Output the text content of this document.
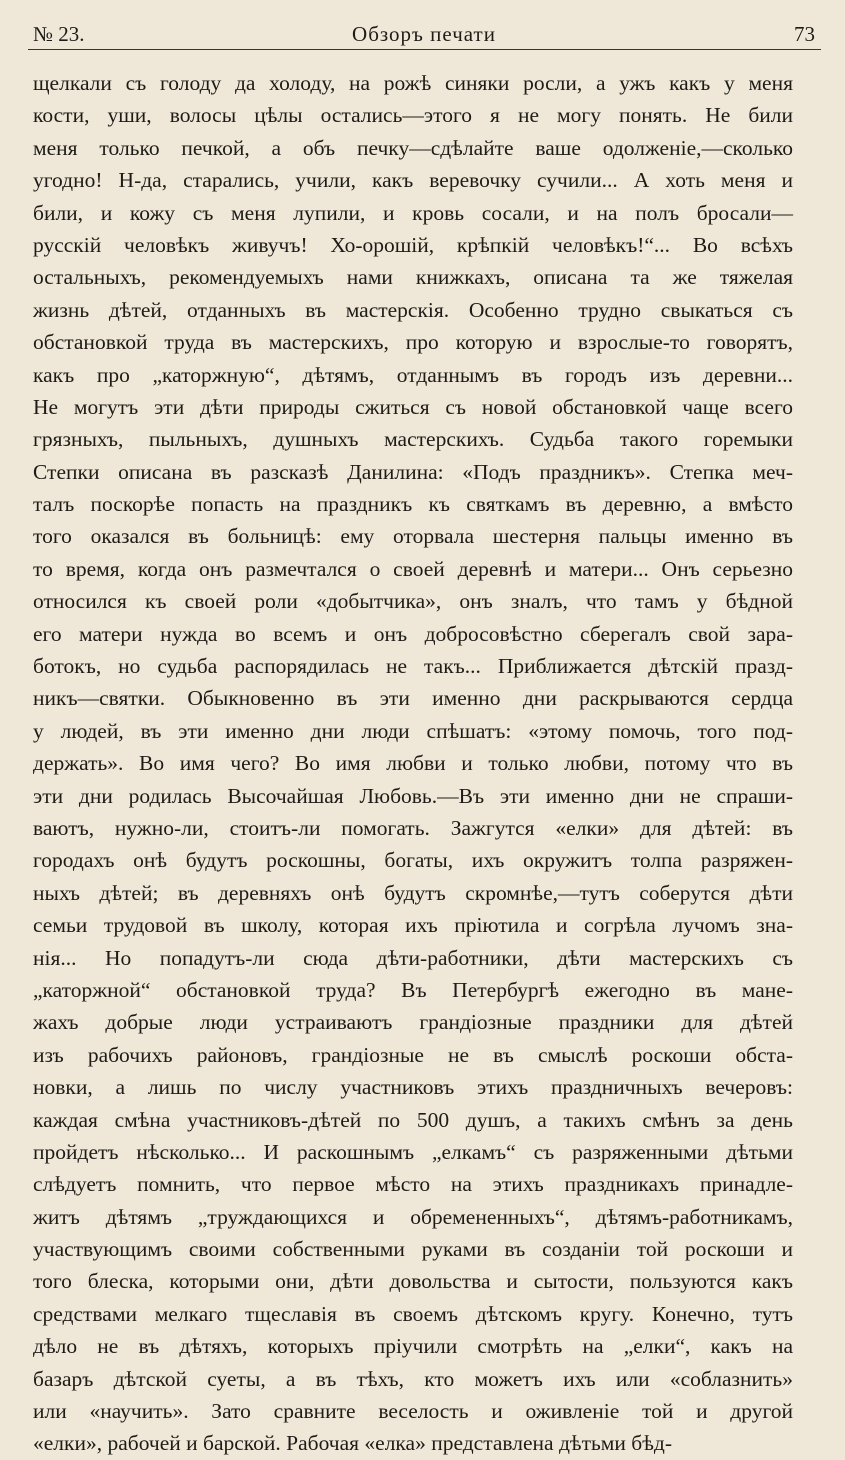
№ 23.	Обзоръ печати	73
щелкали съ голоду да холоду, на рожѣ синяки росли, а ужъ какъ у меня
кости, уши, волосы цѣлы остались—этого я не могу понять. Не били
меня только печкой, а объ печку—сдѣлайте ваше одолженіе,—сколько
угодно! Н-да, старались, учили, какъ веревочку сучили... А хоть меня и
били, и кожу съ меня лупили, и кровь сосали, и на полъ бросали—
русскій человѣкъ живучъ! Хо-орошій, крѣпкій человѣкъ!“... Во всѣхъ
остальныхъ, рекомендуемыхъ нами книжкахъ, описана та же тяжелая
жизнь дѣтей, отданныхъ въ мастерскія. Особенно трудно свыкаться съ
обстановкой труда въ мастерскихъ, про которую и взрослые-то говорятъ,
какъ про „каторжную“, дѣтямъ, отданнымъ въ городъ изъ деревни...
Не могутъ эти дѣти природы сжиться съ новой обстановкой чаще всего
грязныхъ, пыльныхъ, душныхъ мастерскихъ. Судьба такого горемыки
Степки описана въ разсказѣ Данилина: «Подъ праздникъ». Степка меч-
талъ поскорѣе попасть на праздникъ къ святкамъ въ деревню, а вмѣсто
того оказался въ больницѣ: ему оторвала шестерня пальцы именно въ
то время, когда онъ размечтался о своей деревнѣ и матери... Онъ серьезно
относился къ своей роли «добытчика», онъ зналъ, что тамъ у бѣдной
его матери нужда во всемъ и онъ добросовѣстно сберегалъ свой зара-
ботокъ, но судьба распорядилась не такъ... Приближается дѣтскій празд-
никъ—святки. Обыкновенно въ эти именно дни раскрываются сердца
у людей, въ эти именно дни люди спѣшатъ: «этому помочь, того под-
держать». Во имя чего? Во имя любви и только любви, потому что въ
эти дни родилась Высочайшая Любовь.—Въ эти именно дни не спраши-
ваютъ, нужно-ли, стоитъ-ли помогать. Зажгутся «елки» для дѣтей: въ
городахъ онѣ будутъ роскошны, богаты, ихъ окружитъ толпа разряжен-
ныхъ дѣтей; въ деревняхъ онѣ будутъ скромнѣе,—тутъ соберутся дѣти
семьи трудовой въ школу, которая ихъ пріютила и согрѣла лучомъ зна-
нія... Но попадутъ-ли сюда дѣти-работники, дѣти мастерскихъ съ
„каторжной“ обстановкой труда? Въ Петербургѣ ежегодно въ мане-
жахъ добрые люди устраиваютъ грандіозные праздники для дѣтей
изъ рабочихъ районовъ, грандіозные не въ смыслѣ роскоши обста-
новки, а лишь по числу участниковъ этихъ праздничныхъ вечеровъ:
каждая смѣна участниковъ-дѣтей по 500 душъ, а такихъ смѣнъ за день
пройдетъ нѣсколько... И раскошнымъ „елкамъ“ съ разряженными дѣтьми
слѣдуетъ помнить, что первое мѣсто на этихъ праздникахъ принадле-
житъ дѣтямъ „труждающихся и обремененныхъ“, дѣтямъ-работникамъ,
участвующимъ своими собственными руками въ созданіи той роскоши и
того блеска, которыми они, дѣти довольства и сытости, пользуются какъ
средствами мелкаго тщеславія въ своемъ дѣтскомъ кругу. Конечно, тутъ
дѣло не въ дѣтяхъ, которыхъ пріучили смотрѣть на „елки“, какъ на
базаръ дѣтской суеты, а въ тѣхъ, кто можетъ ихъ или «соблазнить»
или «научить». Зато сравните веселость и оживленіе той и другой
«елки», рабочей и барской. Рабочая «елка» представлена дѣтьми бѣд-
